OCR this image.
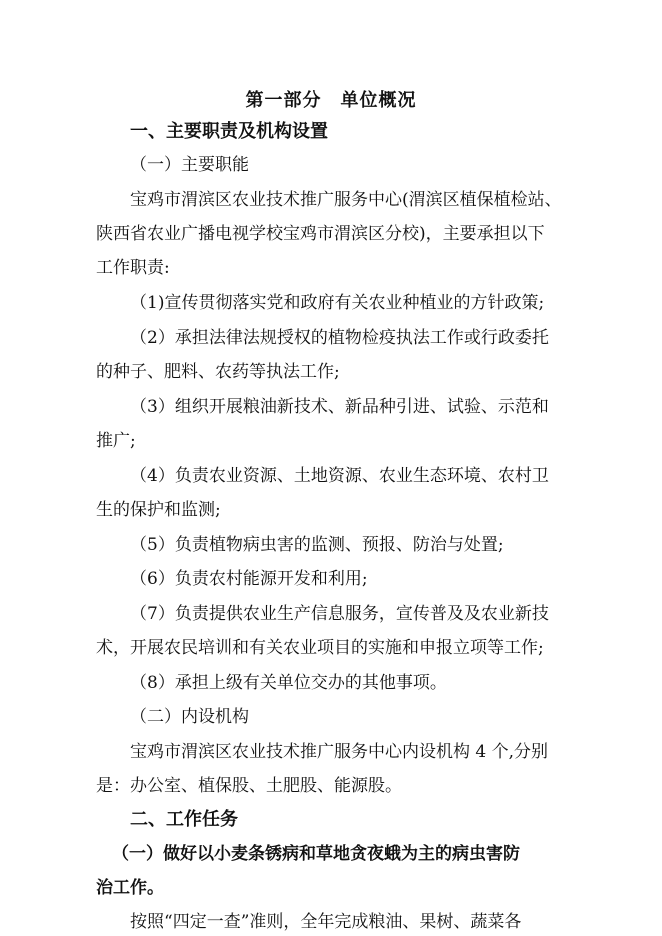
第一部分　单位概况
一、主要职责及机构设置
（一）主要职能
宝鸡市渭滨区农业技术推广服务中心(渭滨区植保植检站、
陕西省农业广播电视学校宝鸡市渭滨区分校)，主要承担以下
工作职责:
（1)宣传贯彻落实党和政府有关农业种植业的方针政策;
（2）承担法律法规授权的植物检疫执法工作或行政委托
的种子、肥料、农药等执法工作;
（3）组织开展粮油新技术、新品种引进、试验、示范和
推广;
（4）负责农业资源、土地资源、农业生态环境、农村卫
生的保护和监测;
（5）负责植物病虫害的监测、预报、防治与处置;
（6）负责农村能源开发和利用;
（7）负责提供农业生产信息服务，宣传普及及农业新技
术，开展农民培训和有关农业项目的实施和申报立项等工作;
（8）承担上级有关单位交办的其他事项。
（二）内设机构
宝鸡市渭滨区农业技术推广服务中心内设机构 4 个,分别
是：办公室、植保股、土肥股、能源股。
二、工作任务
（一）做好以小麦条锈病和草地贪夜蛾为主的病虫害防
治工作。
按照“四定一查”准则，全年完成粮油、果树、蔬菜各
